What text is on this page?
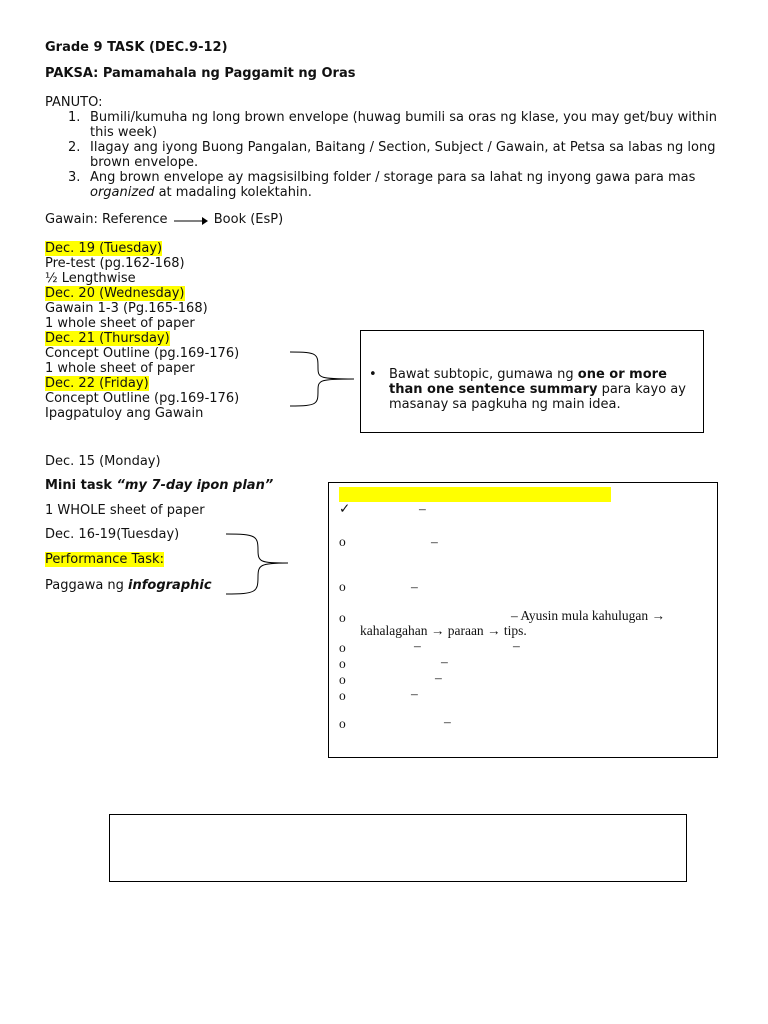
Grade 9 TASK (DEC.9-12)
PAKSA: Pamamahala ng Paggamit ng Oras
PANUTO:
1. Bumili/kumuha ng long brown envelope (huwag bumili sa oras ng klase, you may get/buy within this week)
2. Ilagay ang iyong Buong Pangalan, Baitang / Section, Subject / Gawain, at Petsa sa labas ng long brown envelope.
3. Ang brown envelope ay magsisilbing folder / storage para sa lahat ng inyong gawa para mas organized at madaling kolektahin.
Gawain: Reference	Book (EsP)
Dec. 19 (Tuesday)
Pre-test (pg.162-168)
½ Lengthwise
Dec. 20 (Wednesday)
Gawain 1-3 (Pg.165-168)
1 whole sheet of paper
Dec. 21 (Thursday)
Concept Outline (pg.169-176)
1 whole sheet of paper
Dec. 22 (Friday)
Concept Outline (pg.169-176)
Ipagpatuloy ang Gawain
• Bawat subtopic, gumawa ng one or more than one sentence summary para kayo ay masanay sa pagkuha ng main idea.
Dec. 15 (Monday)
Mini task “my 7-day ipon plan”
1 WHOLE sheet of paper
Dec. 16-19(Tuesday)
Performance Task:
Paggawa ng infographic
✓	–
o	–
o	–
o	– Ayusin mula kahulugan →
kahalagahan → paraan → tips.
o	–	–
o	–
o	–
o	–
o	–
